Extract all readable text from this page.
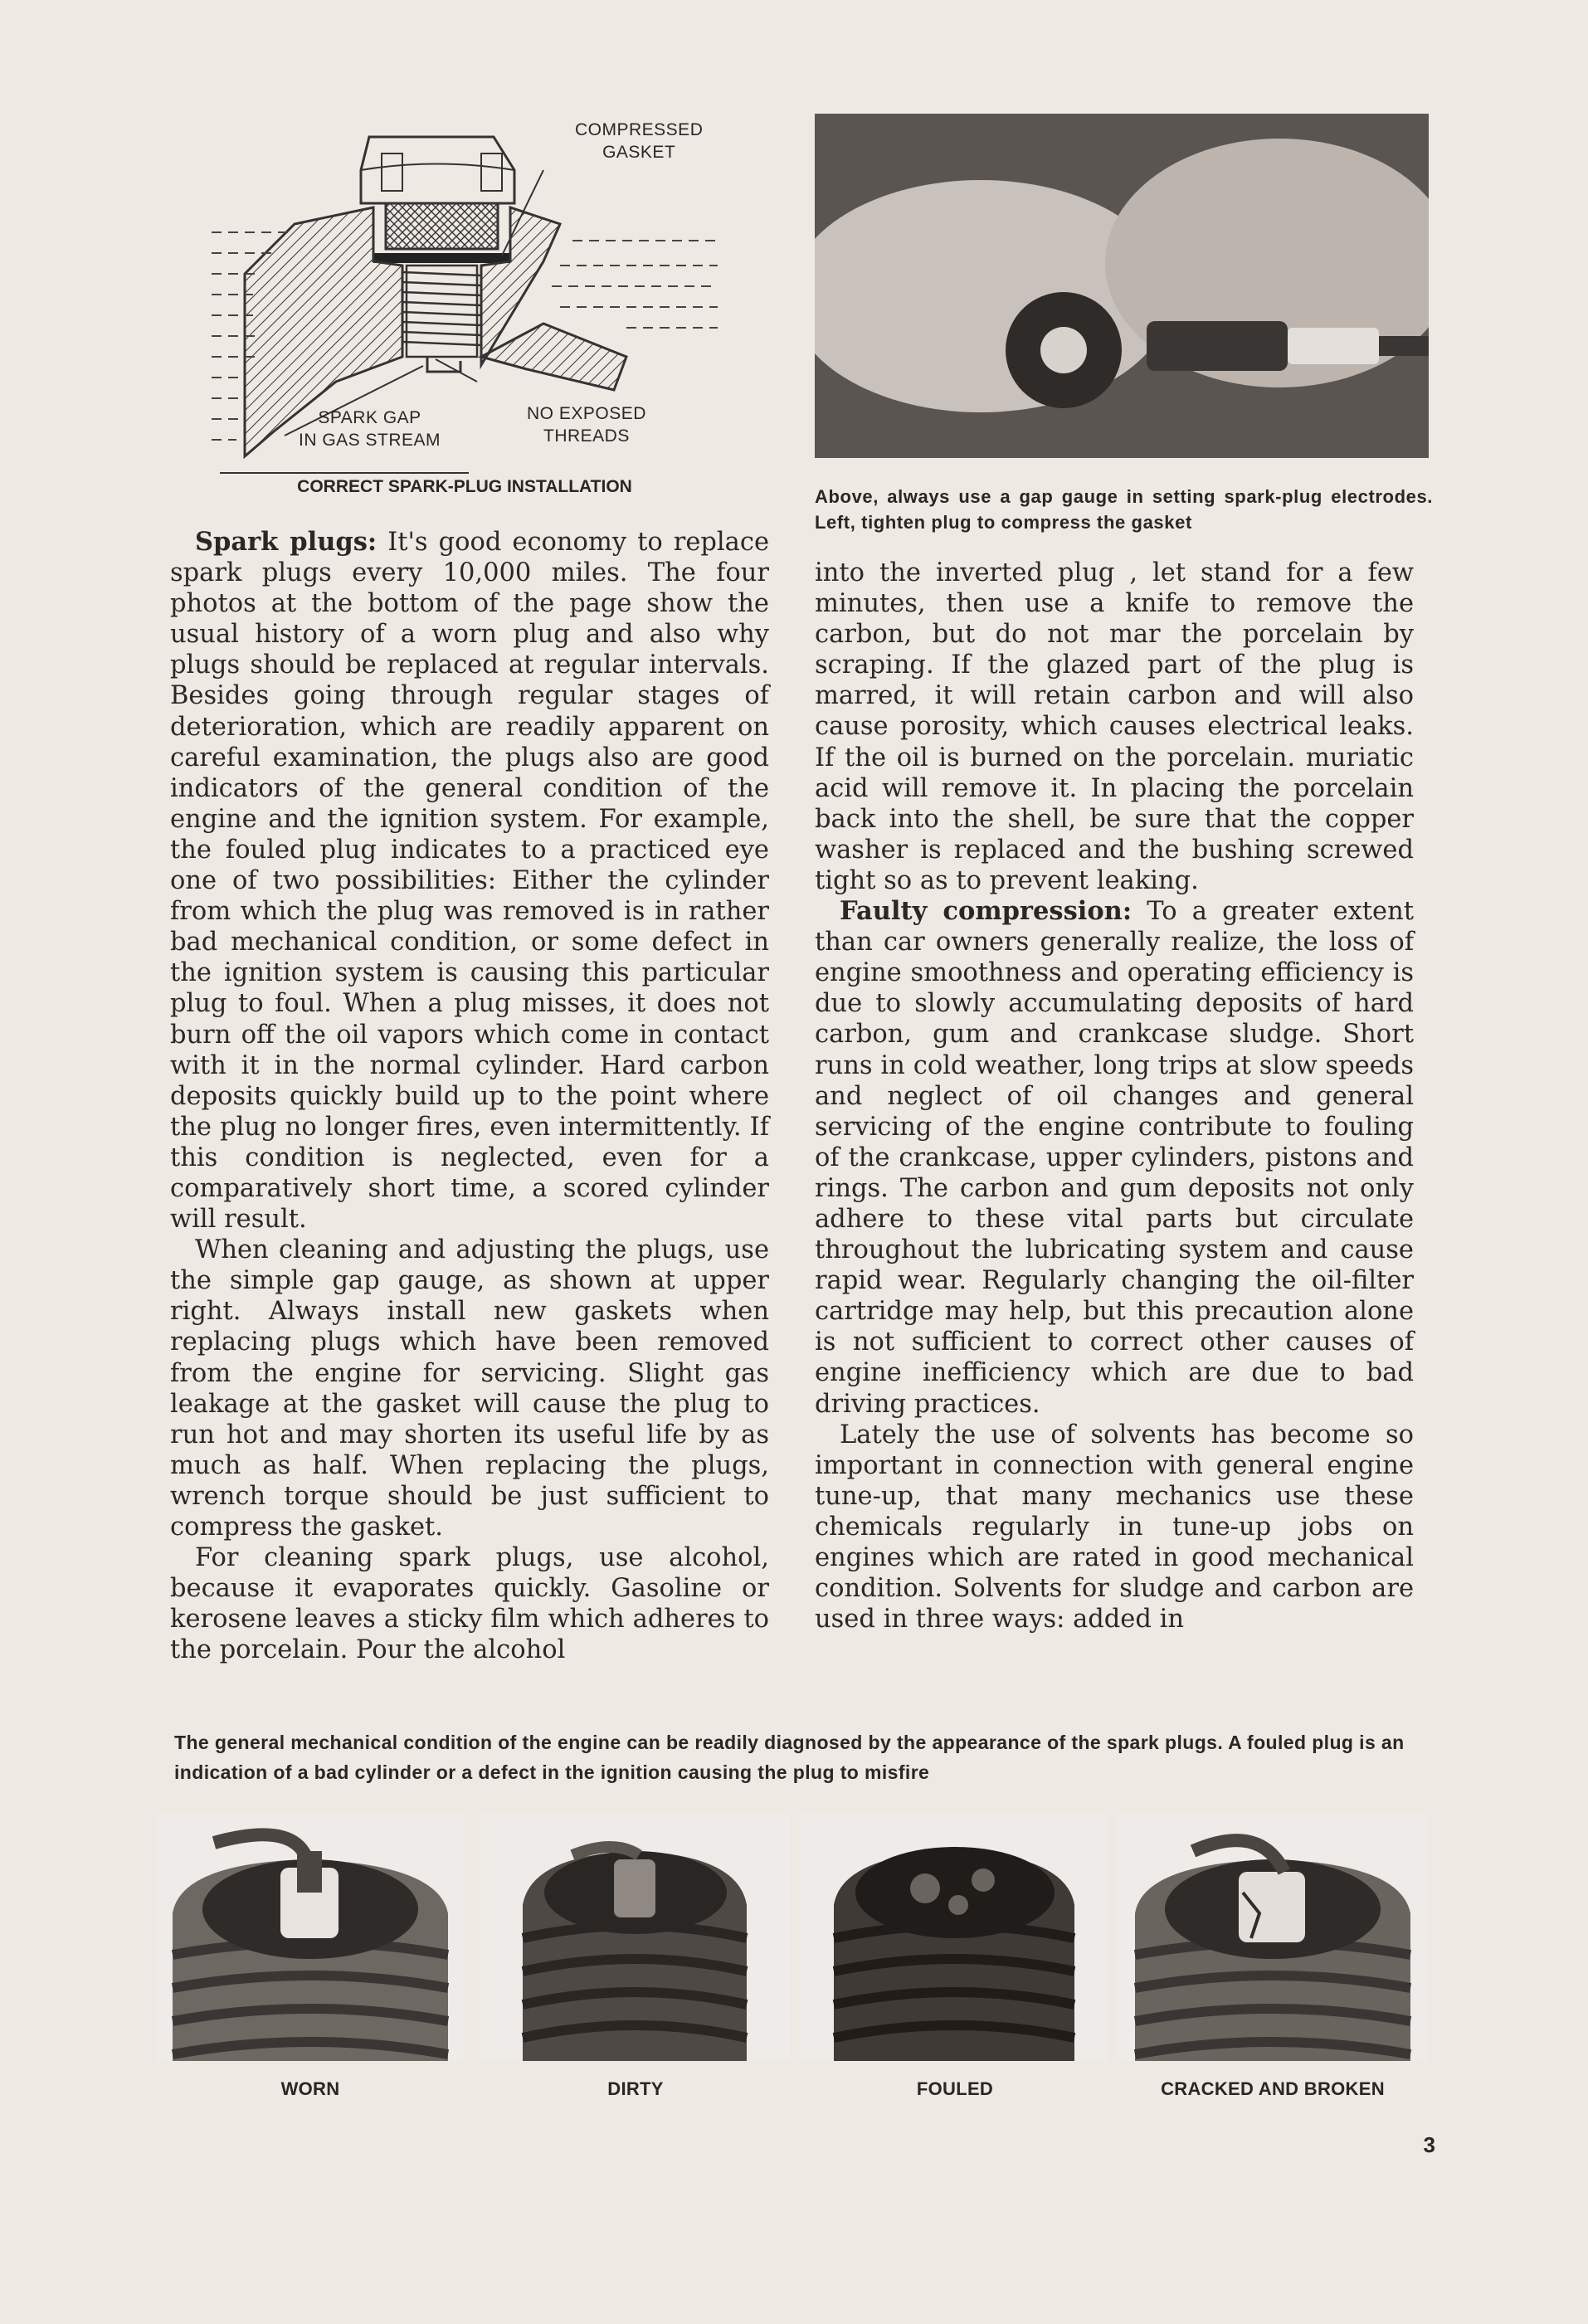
COMPRESSED
GASKET
SPARK GAP
IN GAS STREAM
NO EXPOSED
THREADS
CORRECT SPARK-PLUG INSTALLATION	Above, always use a gap gauge in setting spark-plug electrodes. Left, tighten plug to compress the gasket

Spark plugs: It's good economy to replace spark plugs every 10,000 miles. The four photos at the bottom of the page show the usual history of a worn plug and also why plugs should be replaced at regular intervals. Besides going through regular stages of deterioration, which are readily apparent on careful examination, the plugs also are good indicators of the general condition of the engine and the ignition system. For example, the fouled plug indicates to a practiced eye one of two possibilities: Either the cylinder from which the plug was removed is in rather bad mechanical condition, or some defect in the ignition system is causing this particular plug to foul. When a plug misses, it does not burn off the oil vapors which come in contact with it in the normal cylinder. Hard carbon deposits quickly build up to the point where the plug no longer fires, even intermittently. If this condition is neglected, even for a comparatively short time, a scored cylinder will result.

When cleaning and adjusting the plugs, use the simple gap gauge, as shown at upper right. Always install new gaskets when replacing plugs which have been removed from the engine for servicing. Slight gas leakage at the gasket will cause the plug to run hot and may shorten its useful life by as much as half. When replacing the plugs, wrench torque should be just sufficient to compress the gasket.

For cleaning spark plugs, use alcohol, because it evaporates quickly. Gasoline or kerosene leaves a sticky film which adheres to the porcelain. Pour the alcohol

into the inverted plug , let stand for a few minutes, then use a knife to remove the carbon, but do not mar the porcelain by scraping. If the glazed part of the plug is marred, it will retain carbon and will also cause porosity, which causes electrical leaks. If the oil is burned on the porcelain. muriatic acid will remove it. In placing the porcelain back into the shell, be sure that the copper washer is replaced and the bushing screwed tight so as to prevent leaking.

Faulty compression: To a greater extent than car owners generally realize, the loss of engine smoothness and operating efficiency is due to slowly accumulating deposits of hard carbon, gum and crankcase sludge. Short runs in cold weather, long trips at slow speeds and neglect of oil changes and general servicing of the engine contribute to fouling of the crankcase, upper cylinders, pistons and rings. The carbon and gum deposits not only adhere to these vital parts but circulate throughout the lubricating system and cause rapid wear. Regularly changing the oil-filter cartridge may help, but this precaution alone is not sufficient to correct other causes of engine inefficiency which are due to bad driving practices.

Lately the use of solvents has become so important in connection with general engine tune-up, that many mechanics use these chemicals regularly in tune-up jobs on engines which are rated in good mechanical condition. Solvents for sludge and carbon are used in three ways: added in

The general mechanical condition of the engine can be readily diagnosed by the appearance of the spark plugs. A fouled plug is an indication of a bad cylinder or a defect in the ignition causing the plug to misfire
WORN	DIRTY	FOULED	CRACKED AND BROKEN
3
